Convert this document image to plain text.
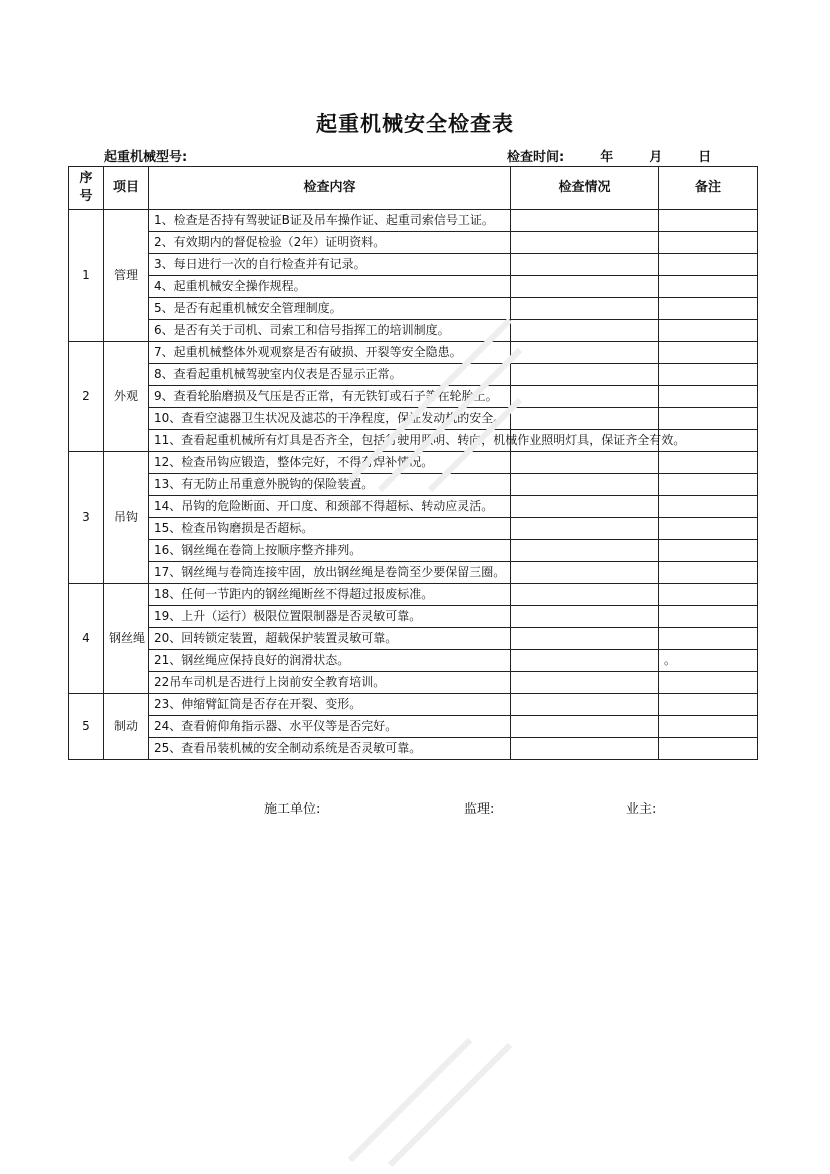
起重机械安全检查表
起重机械型号:	检查时间:	年	月	日
序号	项目	检查内容	检查情况	备注
1	管理	1、检查是否持有驾驶证B证及吊车操作证、起重司索信号工证。		
		2、有效期内的督促检验（2年）证明资料。		
		3、每日进行一次的自行检查并有记录。		
		4、起重机械安全操作规程。		
		5、是否有起重机械安全管理制度。		
		6、是否有关于司机、司索工和信号指挥工的培训制度。		
2	外观	7、起重机械整体外观观察是否有破损、开裂等安全隐患。		
		8、查看起重机械驾驶室内仪表是否显示正常。		
		9、查看轮胎磨损及气压是否正常，有无铁钉或石子等在轮胎上。		
		10、查看空滤器卫生状况及滤芯的干净程度，保证发动机的安全。		
		11、查看起重机械所有灯具是否齐全，包括行驶用照明、转向，机械作业照明灯具，保证齐全有效。		
3	吊钩	12、检查吊钩应锻造，整体完好，不得有焊补情况。		
		13、有无防止吊重意外脱钩的保险装置。		
		14、吊钩的危险断面、开口度、和颈部不得超标、转动应灵活。		
		15、检查吊钩磨损是否超标。		
		16、钢丝绳在卷筒上按顺序整齐排列。		
		17、钢丝绳与卷筒连接牢固，放出钢丝绳是卷筒至少要保留三圈。		
4	钢丝绳	18、任何一节距内的钢丝绳断丝不得超过报废标准。		
		19、上升（运行）极限位置限制器是否灵敏可靠。		
		20、回转锁定装置，超载保护装置灵敏可靠。		
		21、钢丝绳应保持良好的润滑状态。		。
		22吊车司机是否进行上岗前安全教育培训。		
5	制动	23、伸缩臂缸筒是否存在开裂、变形。		
		24、查看俯仰角指示器、水平仪等是否完好。		
		25、查看吊装机械的安全制动系统是否灵敏可靠。		
施工单位:	监理:	业主:
